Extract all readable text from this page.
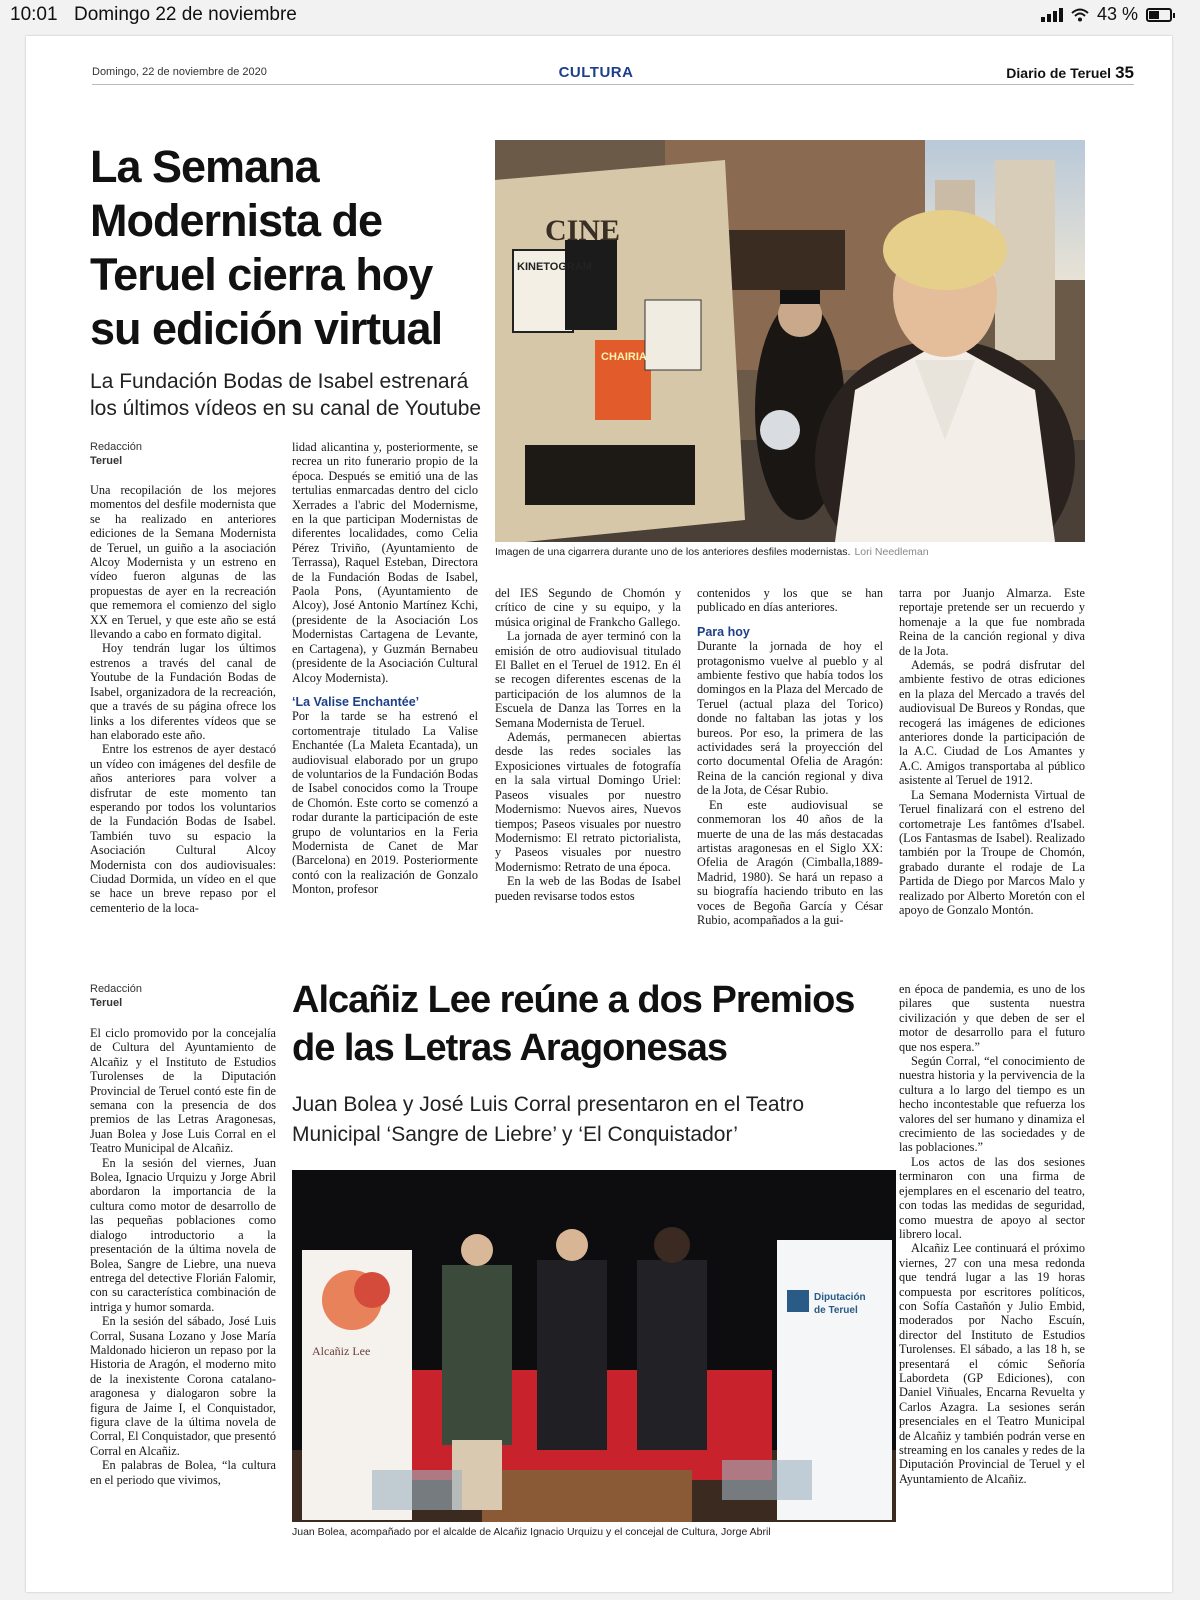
10:01 Domingo 22 de noviembre	43 %
Domingo, 22 de noviembre de 2020	CULTURA	Diario de Teruel 35
La Semana
Modernista de
Teruel cierra hoy
su edición virtual
La Fundación Bodas de Isabel estrenará
los últimos vídeos en su canal de Youtube
KINETOGRAM
CHAIRIA
CINE
Imagen de una cigarrera durante uno de los anteriores desfiles modernistas. Lori Needleman
Redacción
Teruel

Una recopilación de los mejores momentos del desfile modernista que se ha realizado en anteriores ediciones de la Semana Modernista de Teruel, un guiño a la asociación Alcoy Modernista y un estreno en vídeo fueron algunas de las propuestas de ayer en la recreación que rememora el comienzo del siglo XX en Teruel, y que este año se está llevando a cabo en formato digital.

Hoy tendrán lugar los últimos estrenos a través del canal de Youtube de la Fundación Bodas de Isabel, organizadora de la recreación, que a través de su página ofrece los links a los diferentes vídeos que se han elaborado este año.

Entre los estrenos de ayer destacó un vídeo con imágenes del desfile de años anteriores para volver a disfrutar de este momento tan esperando por todos los voluntarios de la Fundación Bodas de Isabel. También tuvo su espacio la Asociación Cultural Alcoy Modernista con dos audiovisuales: Ciudad Dormida, un vídeo en el que se hace un breve repaso por el cementerio de la loca-

lidad alicantina y, posteriormente, se recrea un rito funerario propio de la época. Después se emitió una de las tertulias enmarcadas dentro del ciclo Xerrades a l'abric del Modernisme, en la que participan Modernistas de diferentes localidades, como Celia Pérez Triviño, (Ayuntamiento de Terrassa), Raquel Esteban, Directora de la Fundación Bodas de Isabel, Paola Pons, (Ayuntamiento de Alcoy), José Antonio Martínez Kchi, (presidente de la Asociación Los Modernistas Cartagena de Levante, en Cartagena), y Guzmán Bernabeu (presidente de la Asociación Cultural Alcoy Modernista).

‘La Valise Enchantée’

Por la tarde se ha estrenó el cortomentraje titulado La Valise Enchantée (La Maleta Ecantada), un audiovisual elaborado por un grupo de voluntarios de la Fundación Bodas de Isabel conocidos como la Troupe de Chomón. Este corto se comenzó a rodar durante la participación de este grupo de voluntarios en la Feria Modernista de Canet de Mar (Barcelona) en 2019. Posteriormente contó con la realización de Gonzalo Monton, profesor

del IES Segundo de Chomón y crítico de cine y su equipo, y la música original de Frankcho Gallego.

La jornada de ayer terminó con la emisión de otro audiovisual titulado El Ballet en el Teruel de 1912. En él se recogen diferentes escenas de la participación de los alumnos de la Escuela de Danza las Torres en la Semana Modernista de Teruel.

Además, permanecen abiertas desde las redes sociales las Exposiciones virtuales de fotografía en la sala virtual Domingo Uriel: Paseos visuales por nuestro Modernismo: Nuevos aires, Nuevos tiempos; Paseos visuales por nuestro Modernismo: El retrato pictorialista, y Paseos visuales por nuestro Modernismo: Retrato de una época.

En la web de las Bodas de Isabel pueden revisarse todos estos

contenidos y los que se han publicado en días anteriores.

Para hoy

Durante la jornada de hoy el protagonismo vuelve al pueblo y al ambiente festivo que había todos los domingos en la Plaza del Mercado de Teruel (actual plaza del Torico) donde no faltaban las jotas y los bureos. Por eso, la primera de las actividades será la proyección del corto documental Ofelia de Aragón: Reina de la canción regional y diva de la Jota, de César Rubio.

En este audiovisual se conmemoran los 40 años de la muerte de una de las más destacadas artistas aragonesas en el Siglo XX: Ofelia de Aragón (Cimballa,1889-Madrid, 1980). Se hará un repaso a su biografía haciendo tributo en las voces de Begoña García y César Rubio, acompañados a la gui-

tarra por Juanjo Almarza. Este reportaje pretende ser un recuerdo y homenaje a la que fue nombrada Reina de la canción regional y diva de la Jota.

Además, se podrá disfrutar del ambiente festivo de otras ediciones en la plaza del Mercado a través del audiovisual De Bureos y Rondas, que recogerá las imágenes de ediciones anteriores donde la participación de la A.C. Ciudad de Los Amantes y A.C. Amigos transportaba al público asistente al Teruel de 1912.

La Semana Modernista Virtual de Teruel finalizará con el estreno del cortometraje Les fantômes d'Isabel. (Los Fantasmas de Isabel). Realizado también por la Troupe de Chomón, grabado durante el rodaje de La Partida de Diego por Marcos Malo y realizado por Alberto Moretón con el apoyo de Gonzalo Montón.

Redacción
Teruel	Alcañiz Lee reúne a dos Premios
de las Letras Aragonesas
Juan Bolea y José Luis Corral presentaron en el Teatro
Municipal ‘Sangre de Liebre’ y ‘El Conquistador’
Alcañiz Lee
Diputación
de Teruel
Juan Bolea, acompañado por el alcalde de Alcañiz Ignacio Urquizu y el concejal de Cultura, Jorge Abril

El ciclo promovido por la concejalía de Cultura del Ayuntamiento de Alcañiz y el Instituto de Estudios Turolenses de la Diputación Provincial de Teruel contó este fin de semana con la presencia de dos premios de las Letras Aragonesas, Juan Bolea y Jose Luis Corral en el Teatro Municipal de Alcañiz.

En la sesión del viernes, Juan Bolea, Ignacio Urquizu y Jorge Abril abordaron la importancia de la cultura como motor de desarrollo de las pequeñas poblaciones como dialogo introductorio a la presentación de la última novela de Bolea, Sangre de Liebre, una nueva entrega del detective Florián Falomir, con su característica combinación de intriga y humor somarda.

En la sesión del sábado, José Luis Corral, Susana Lozano y Jose María Maldonado hicieron un repaso por la Historia de Aragón, el moderno mito de la inexistente Corona catalano-aragonesa y dialogaron sobre la figura de Jaime I, el Conquistador, figura clave de la última novela de Corral, El Conquistador, que presentó Corral en Alcañiz.

En palabras de Bolea, “la cultura en el periodo que vivimos,

en época de pandemia, es uno de los pilares que sustenta nuestra civilización y que deben de ser el motor de desarrollo para el futuro que nos espera.”

Según Corral, “el conocimiento de nuestra historia y la pervivencia de la cultura a lo largo del tiempo es un hecho incontestable que refuerza los valores del ser humano y dinamiza el crecimiento de las sociedades y de las poblaciones.”

Los actos de las dos sesiones terminaron con una firma de ejemplares en el escenario del teatro, con todas las medidas de seguridad, como muestra de apoyo al sector librero local.

Alcañiz Lee continuará el próximo viernes, 27 con una mesa redonda que tendrá lugar a las 19 horas compuesta por escritores políticos, con Sofía Castañón y Julio Embid, moderados por Nacho Escuín, director del Instituto de Estudios Turolenses. El sábado, a las 18 h, se presentará el cómic Señoría Labordeta (GP Ediciones), con Daniel Viñuales, Encarna Revuelta y Carlos Azagra. La sesiones serán presenciales en el Teatro Municipal de Alcañiz y también podrán verse en streaming en los canales y redes de la Diputación Provincial de Teruel y el Ayuntamiento de Alcañiz.
